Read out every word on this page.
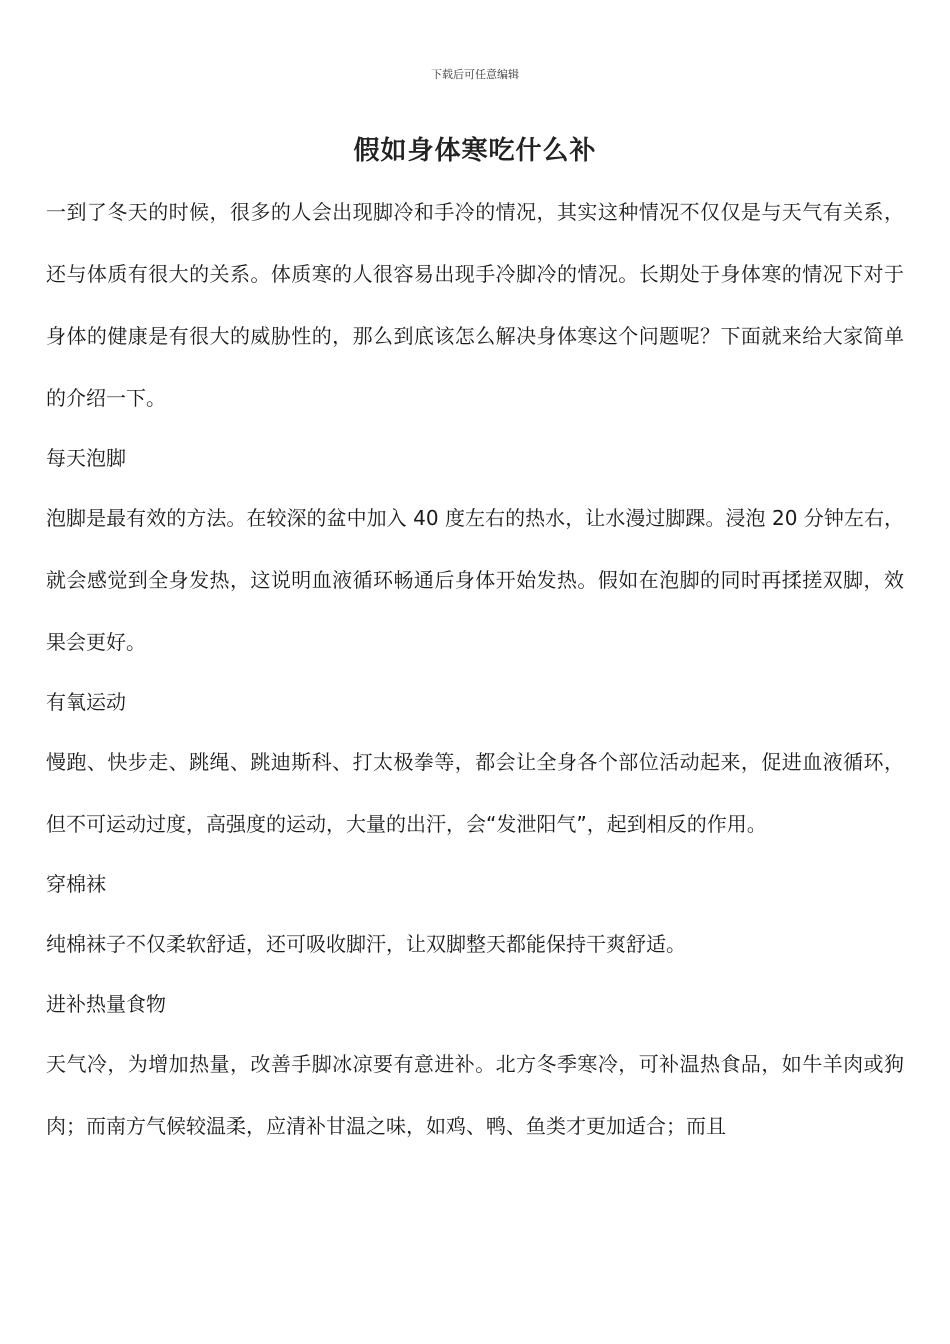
下载后可任意编辑
假如身体寒吃什么补

一到了冬天的时候，很多的人会出现脚冷和手冷的情况，其实这种情况不仅仅是与天气有关系，还与体质有很大的关系。体质寒的人很容易出现手冷脚冷的情况。长期处于身体寒的情况下对于身体的健康是有很大的威胁性的，那么到底该怎么解决身体寒这个问题呢？下面就来给大家简单的介绍一下。

每天泡脚

泡脚是最有效的方法。在较深的盆中加入 40 度左右的热水，让水漫过脚踝。浸泡 20 分钟左右，就会感觉到全身发热，这说明血液循环畅通后身体开始发热。假如在泡脚的同时再揉搓双脚，效果会更好。

有氧运动

慢跑、快步走、跳绳、跳迪斯科、打太极拳等，都会让全身各个部位活动起来，促进血液循环，但不可运动过度，高强度的运动，大量的出汗，会“发泄阳气”，起到相反的作用。

穿棉袜

纯棉袜子不仅柔软舒适，还可吸收脚汗，让双脚整天都能保持干爽舒适。

进补热量食物

天气冷，为增加热量，改善手脚冰凉要有意进补。北方冬季寒冷，可补温热食品，如牛羊肉或狗肉；而南方气候较温柔，应清补甘温之味，如鸡、鸭、鱼类才更加适合；而且
